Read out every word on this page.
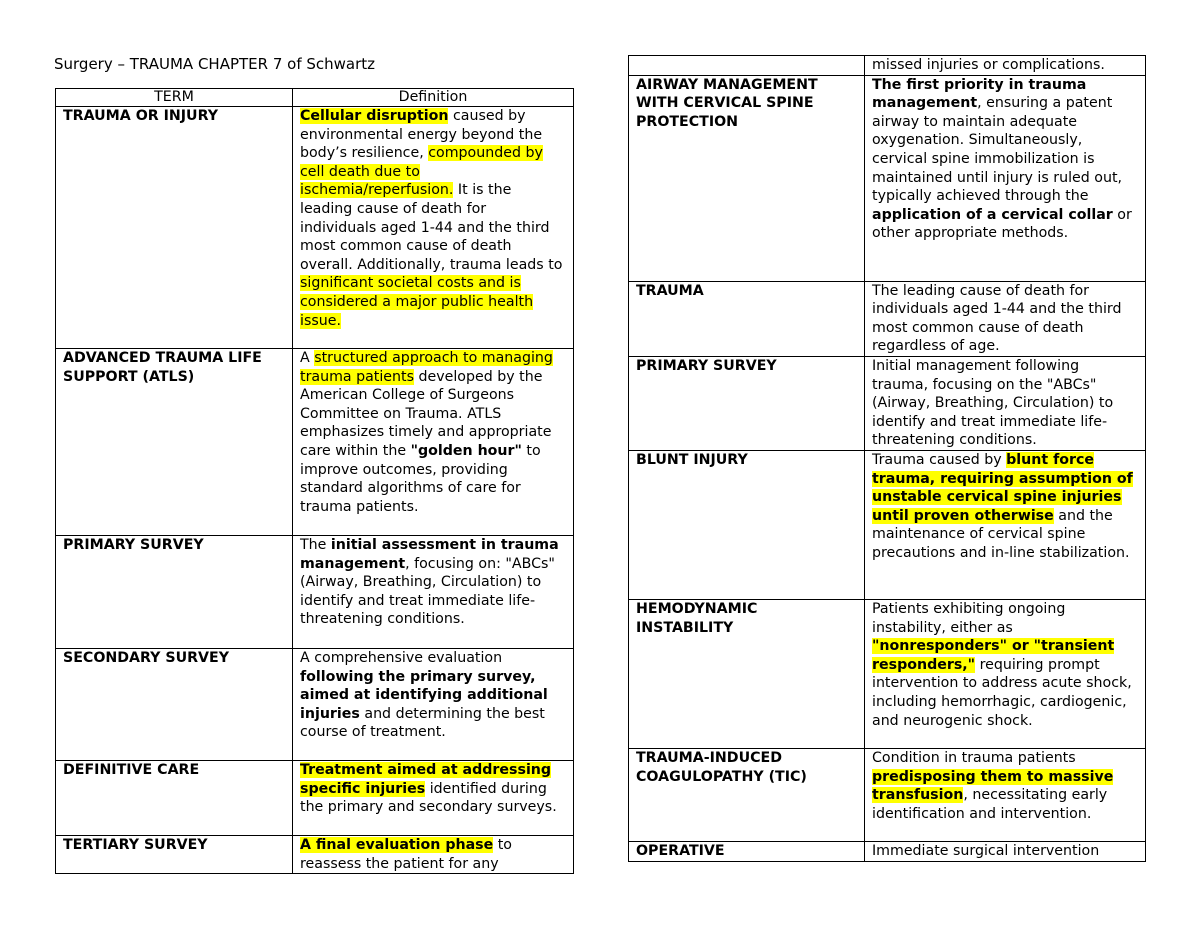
Surgery – TRAUMA CHAPTER 7 of Schwartz
TERM	Definition
TRAUMA OR INJURY	Cellular disruption caused by environmental energy beyond the body’s resilience, compounded by cell death due to ischemia/reperfusion. It is the leading cause of death for individuals aged 1-44 and the third most common cause of death overall. Additionally, trauma leads to significant societal costs and is considered a major public health issue.
ADVANCED TRAUMA LIFE SUPPORT (ATLS)	A structured approach to managing trauma patients developed by the American College of Surgeons Committee on Trauma. ATLS emphasizes timely and appropriate care within the "golden hour" to improve outcomes, providing standard algorithms of care for trauma patients.
PRIMARY SURVEY	The initial assessment in trauma management, focusing on: "ABCs" (Airway, Breathing, Circulation) to identify and treat immediate life-threatening conditions.
SECONDARY SURVEY	A comprehensive evaluation following the primary survey, aimed at identifying additional injuries and determining the best course of treatment.
DEFINITIVE CARE	Treatment aimed at addressing specific injuries identified during the primary and secondary surveys.
TERTIARY SURVEY	A final evaluation phase to reassess the patient for any
	missed injuries or complications.
AIRWAY MANAGEMENT WITH CERVICAL SPINE PROTECTION	The first priority in trauma management, ensuring a patent airway to maintain adequate oxygenation. Simultaneously, cervical spine immobilization is maintained until injury is ruled out, typically achieved through the application of a cervical collar or other appropriate methods.
TRAUMA	The leading cause of death for individuals aged 1-44 and the third most common cause of death regardless of age.
PRIMARY SURVEY	Initial management following trauma, focusing on the "ABCs" (Airway, Breathing, Circulation) to identify and treat immediate life-threatening conditions.
BLUNT INJURY	Trauma caused by blunt force trauma, requiring assumption of unstable cervical spine injuries until proven otherwise and the maintenance of cervical spine precautions and in-line stabilization.
HEMODYNAMIC INSTABILITY	Patients exhibiting ongoing instability, either as "nonresponders" or "transient responders," requiring prompt intervention to address acute shock, including hemorrhagic, cardiogenic, and neurogenic shock.
TRAUMA-INDUCED COAGULOPATHY (TIC)	Condition in trauma patients predisposing them to massive transfusion, necessitating early identification and intervention.
OPERATIVE	Immediate surgical intervention
